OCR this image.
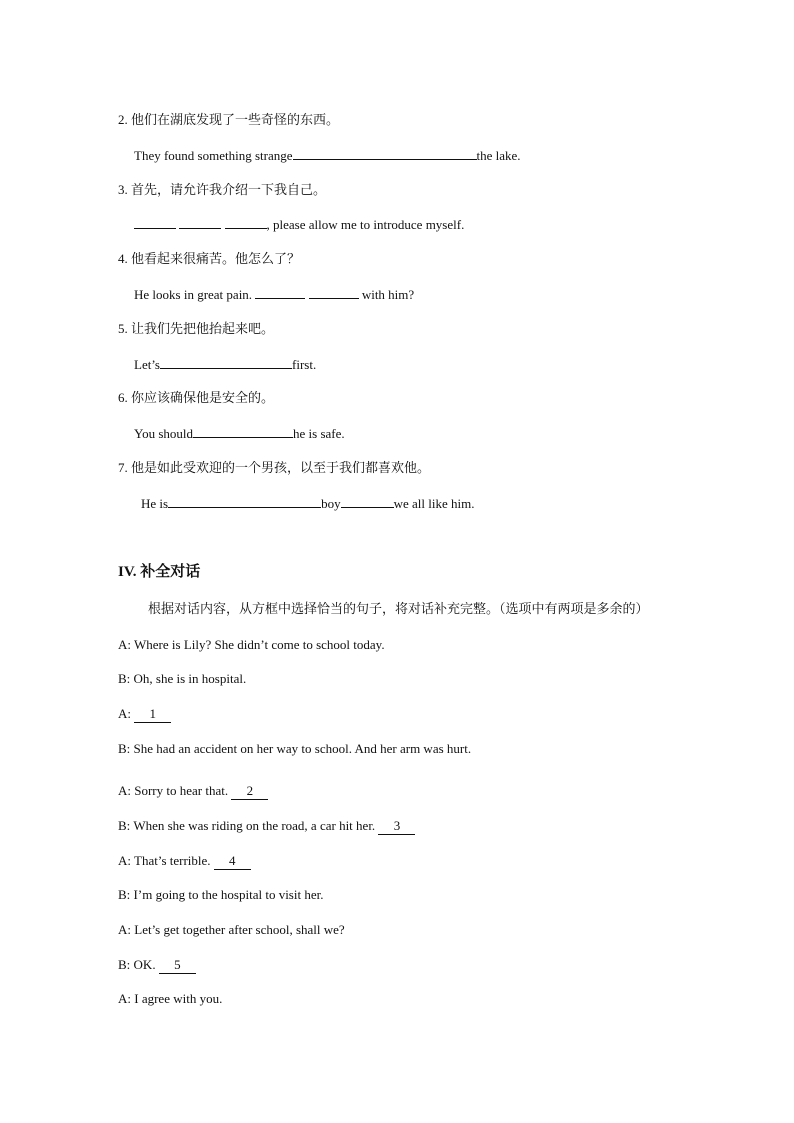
2. 他们在湖底发现了一些奇怪的东西。
They found something strange	the lake.
3. 首先，请允许我介绍一下我自己。
, please allow me to introduce myself.
4. 他看起来很痛苦。他怎么了？
He looks in great pain.	with him?
5. 让我们先把他抬起来吧。
Let’s	first.
6. 你应该确保他是安全的。
You should	he is safe.
7. 他是如此受欢迎的一个男孩，以至于我们都喜欢他。
He is	boy	we all like him.
IV. 补全对话
根据对话内容，从方框中选择恰当的句子，将对话补充完整。（选项中有两项是多余的）
A: Where is Lily? She didn’t come to school today.
B: Oh, she is in hospital.
A: 1
B: She had an accident on her way to school. And her arm was hurt.
A: Sorry to hear that. 2
B: When she was riding on the road, a car hit her. 3
A: That’s terrible. 4
B: I’m going to the hospital to visit her.
A: Let’s get together after school, shall we?
B: OK. 5
A: I agree with you.
